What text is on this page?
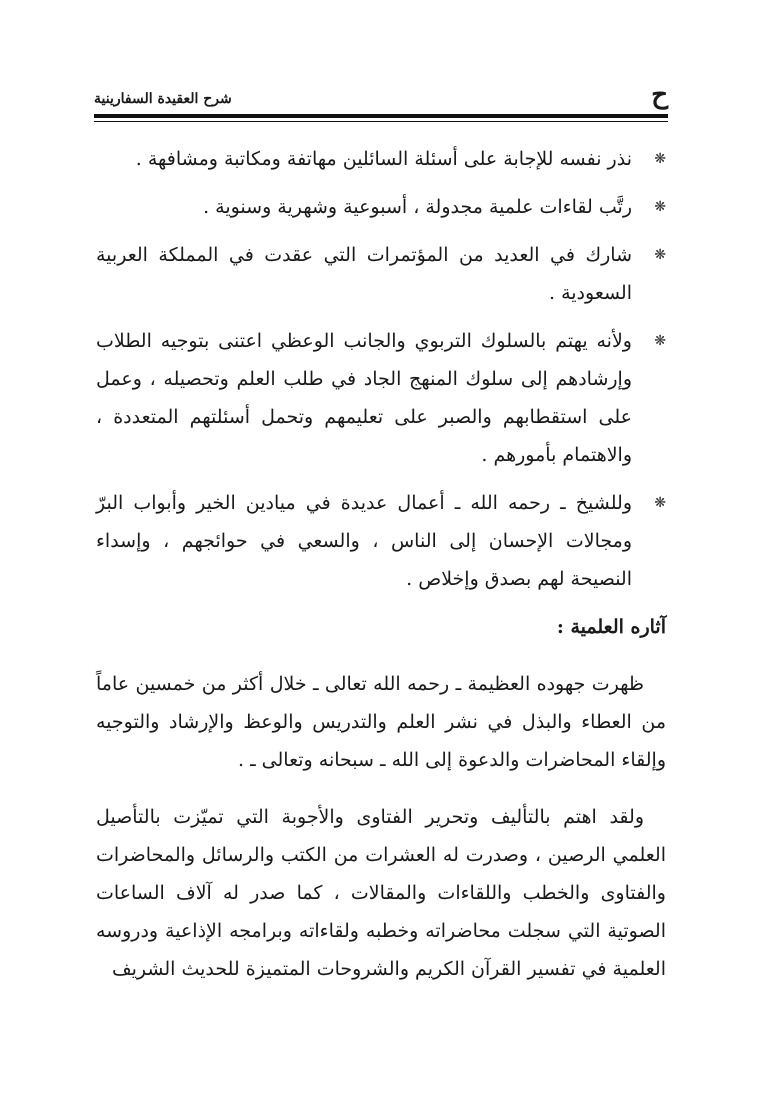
ح
شرح العقيدة السفارينية
❋
نذر نفسه للإجابة على أسئلة السائلين مهاتفة ومكاتبة ومشافهة .
❋
رتَّب لقاءات علمية مجدولة ، أسبوعية وشهرية وسنوية .
❋
شارك في العديد من المؤتمرات التي عقدت في المملكة العربية السعودية .
❋
ولأنه يهتم بالسلوك التربوي والجانب الوعظي اعتنى بتوجيه الطلاب وإرشادهم إلى سلوك المنهج الجاد في طلب العلم وتحصيله ، وعمل على استقطابهم والصبر على تعليمهم وتحمل أسئلتهم المتعددة ، والاهتمام بأمورهم .
❋
وللشيخ ـ رحمه الله ـ أعمال عديدة في ميادين الخير وأبواب البرّ ومجالات الإحسان إلى الناس ، والسعي في حوائجهم ، وإسداء النصيحة لهم بصدق وإخلاص .
آثاره العلمية :

ظهرت جهوده العظيمة ـ رحمه الله تعالى ـ خلال أكثر من خمسين عاماً من العطاء والبذل في نشر العلم والتدريس والوعظ والإرشاد والتوجيه وإلقاء المحاضرات والدعوة إلى الله ـ سبحانه وتعالى ـ .

ولقد اهتم بالتأليف وتحرير الفتاوى والأجوبة التي تميّزت بالتأصيل العلمي الرصين ، وصدرت له العشرات من الكتب والرسائل والمحاضرات والفتاوى والخطب واللقاءات والمقالات ، كما صدر له آلاف الساعات الصوتية التي سجلت محاضراته وخطبه ولقاءاته وبرامجه الإذاعية ودروسه العلمية في تفسير القرآن الكريم والشروحات المتميزة للحديث الشريف
